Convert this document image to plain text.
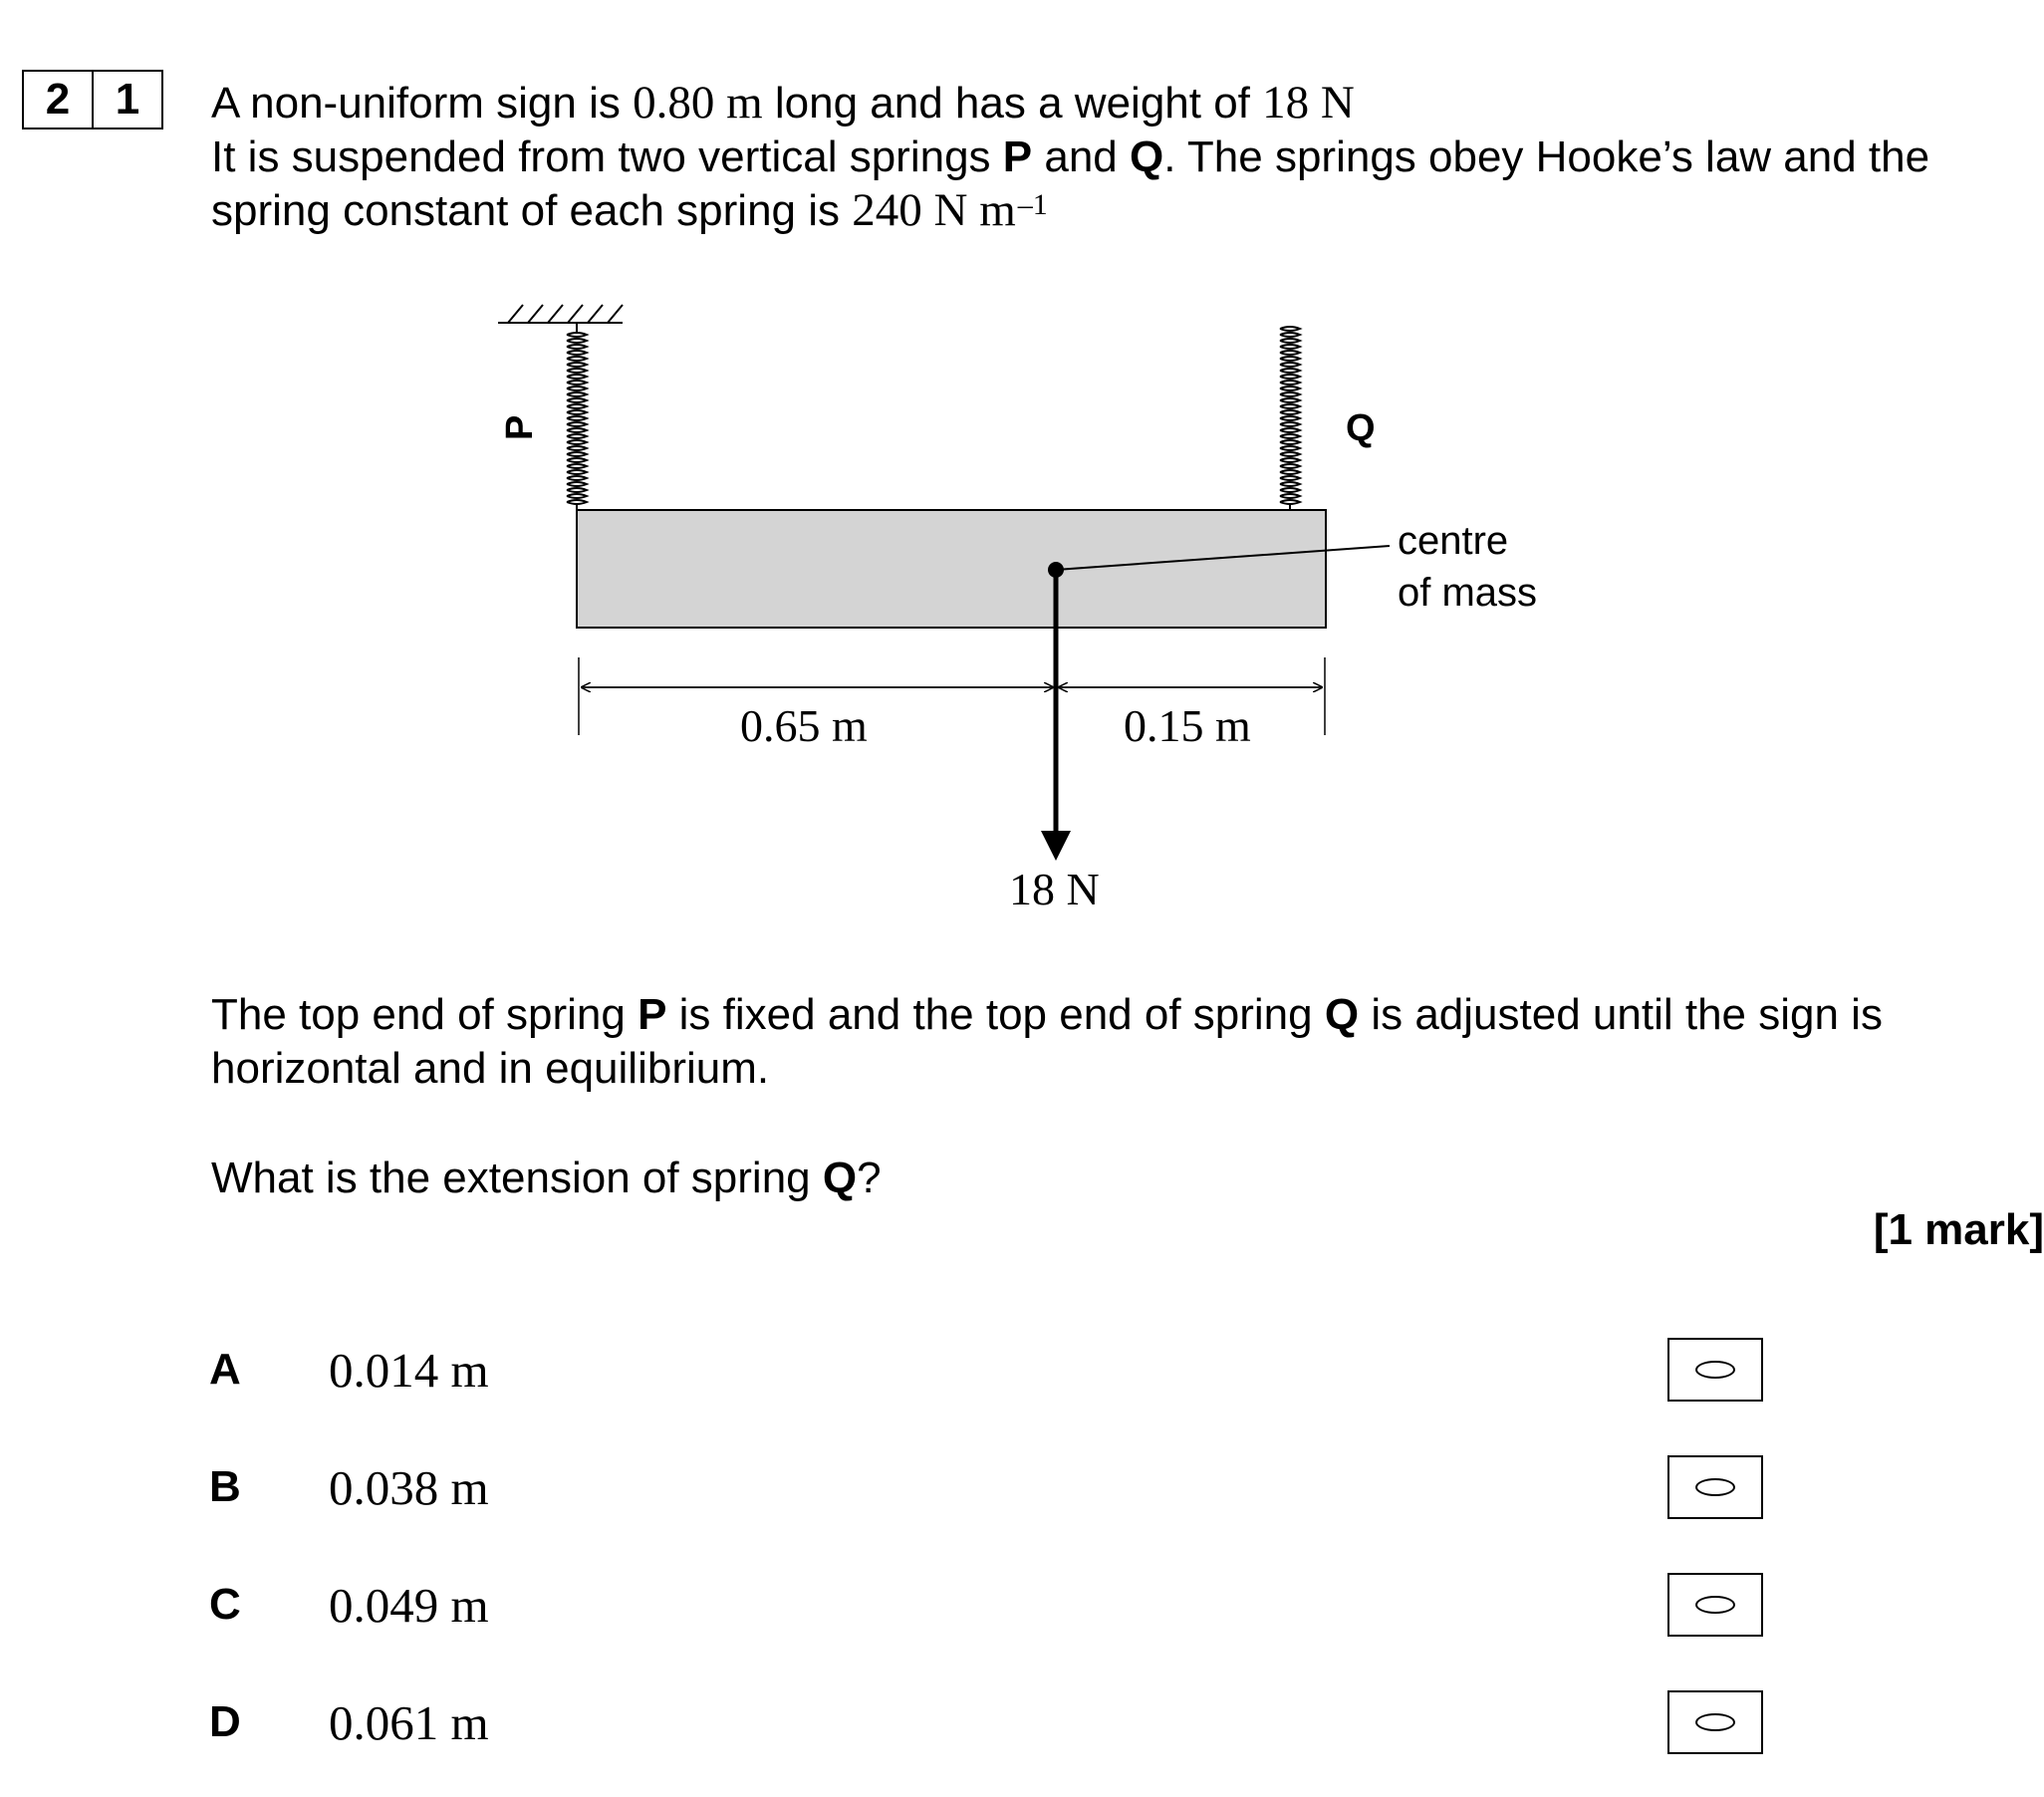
2	1	A non-uniform sign is 0.80 m long and has a weight of 18 N
It is suspended from two vertical springs P and Q. The springs obey Hooke’s law and the
spring constant of each spring is 240 N $m^{-1}$
P	Q
centre
of mass
18 N
0.65 m	0.15 m
The top end of spring P is fixed and the top end of spring Q is adjusted until the sign is
horizontal and in equilibrium.
What is the extension of spring Q?
[1 mark]
A 0.014 m
B 0.038 m
C 0.049 m
D 0.061 m
